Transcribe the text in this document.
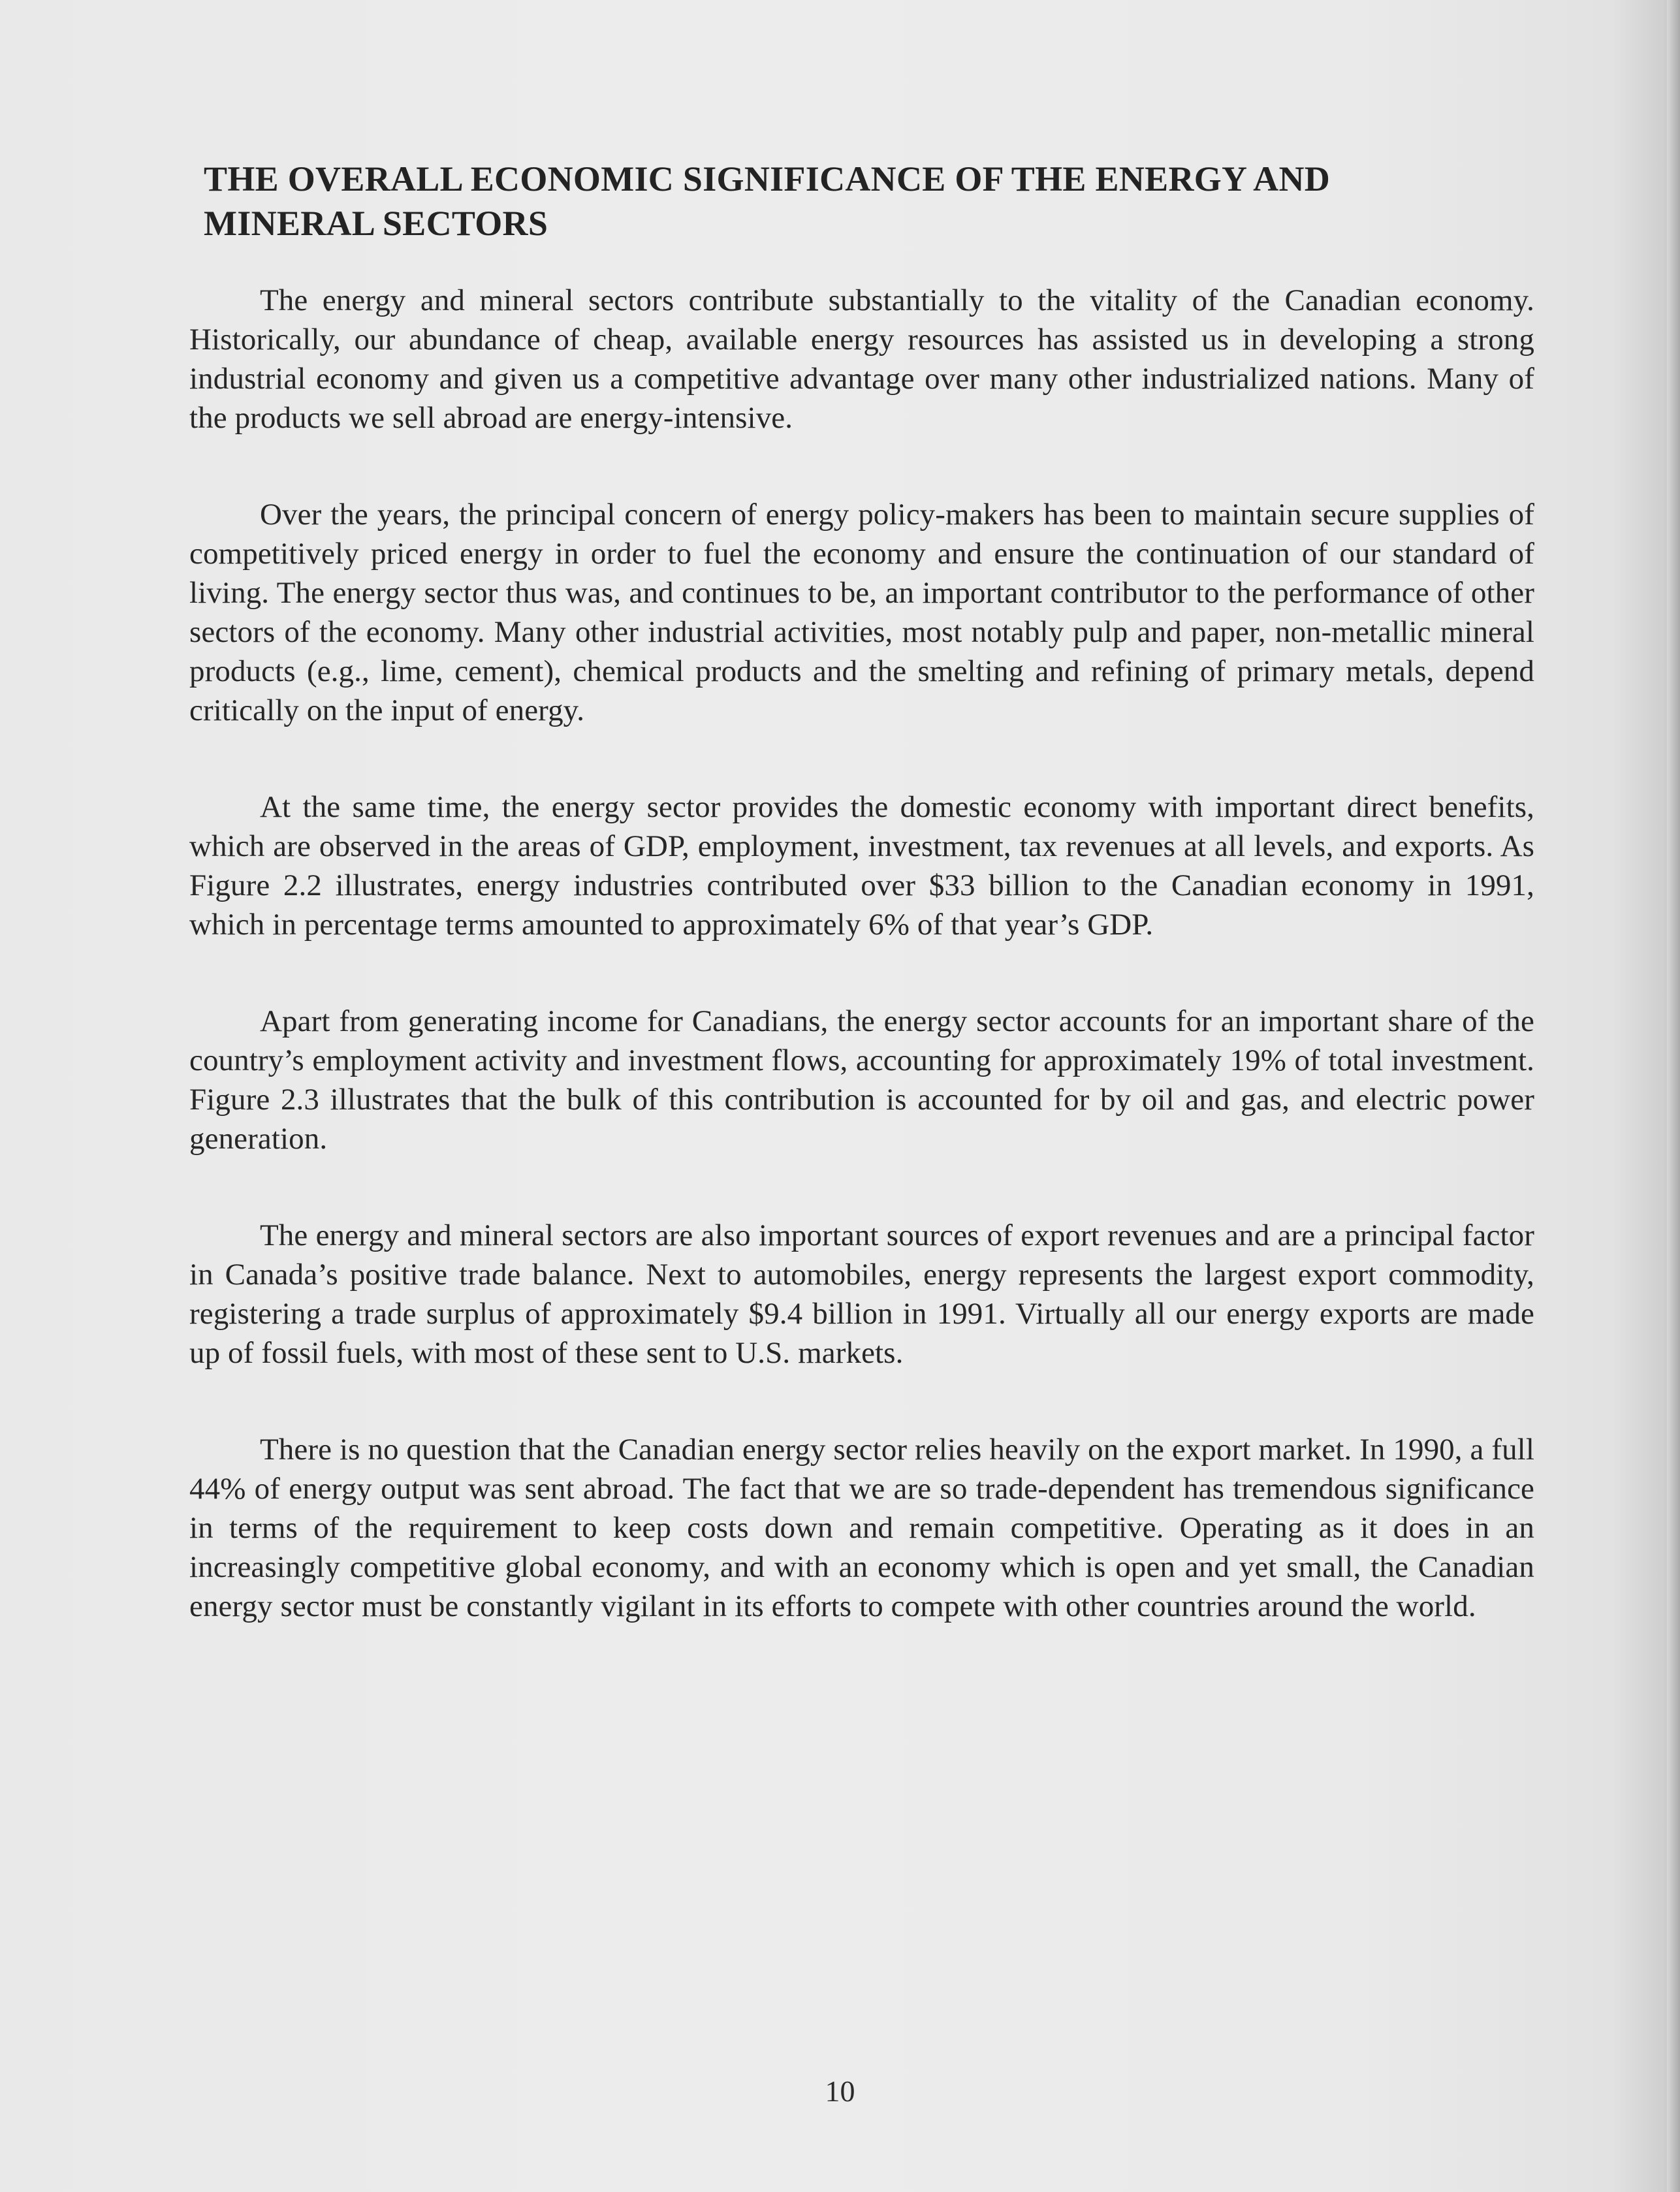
THE OVERALL ECONOMIC SIGNIFICANCE OF THE ENERGY AND MINERAL SECTORS

The energy and mineral sectors contribute substantially to the vitality of the Canadian economy. Historically, our abundance of cheap, available energy resources has assisted us in developing a strong industrial economy and given us a competitive advantage over many other industrialized nations. Many of the products we sell abroad are energy-intensive.

Over the years, the principal concern of energy policy-makers has been to maintain secure supplies of competitively priced energy in order to fuel the economy and ensure the continuation of our standard of living. The energy sector thus was, and continues to be, an important contributor to the performance of other sectors of the economy. Many other industrial activities, most notably pulp and paper, non-metallic mineral products (e.g., lime, cement), chemical products and the smelting and refining of primary metals, depend critically on the input of energy.

At the same time, the energy sector provides the domestic economy with important direct benefits, which are observed in the areas of GDP, employment, investment, tax revenues at all levels, and exports. As Figure 2.2 illustrates, energy industries contributed over $33 billion to the Canadian economy in 1991, which in percentage terms amounted to approximately 6% of that year’s GDP.

Apart from generating income for Canadians, the energy sector accounts for an important share of the country’s employment activity and investment flows, accounting for approximately 19% of total investment. Figure 2.3 illustrates that the bulk of this contribution is accounted for by oil and gas, and electric power generation.

The energy and mineral sectors are also important sources of export revenues and are a principal factor in Canada’s positive trade balance. Next to automobiles, energy represents the largest export commodity, registering a trade surplus of approximately $9.4 billion in 1991. Virtually all our energy exports are made up of fossil fuels, with most of these sent to U.S. markets.

There is no question that the Canadian energy sector relies heavily on the export market. In 1990, a full 44% of energy output was sent abroad. The fact that we are so trade-dependent has tremendous significance in terms of the requirement to keep costs down and remain competitive. Operating as it does in an increasingly competitive global economy, and with an economy which is open and yet small, the Canadian energy sector must be constantly vigilant in its efforts to compete with other countries around the world.

10
